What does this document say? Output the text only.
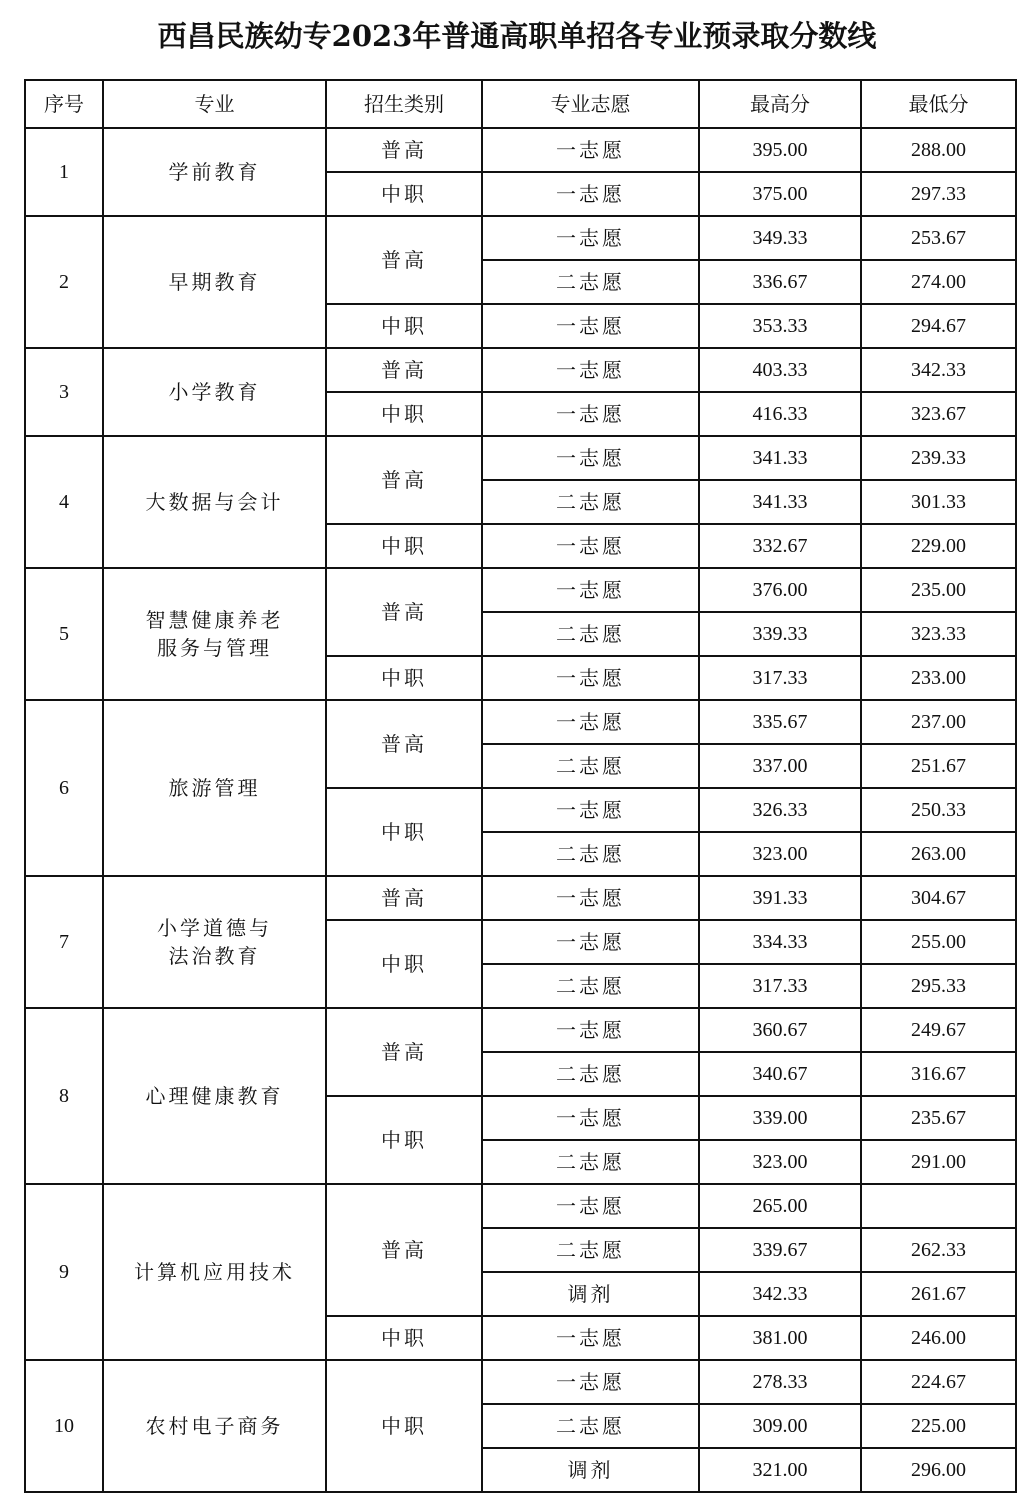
西昌民族幼专2023年普通高职单招各专业预录取分数线
序号	专业	招生类别	专业志愿	最高分	最低分
1	学前教育	普高	一志愿	395.00	288.00
		中职	一志愿	375.00	297.33
2	早期教育	普高	一志愿	349.33	253.67
			二志愿	336.67	274.00
		中职	一志愿	353.33	294.67
3	小学教育	普高	一志愿	403.33	342.33
		中职	一志愿	416.33	323.67
4	大数据与会计	普高	一志愿	341.33	239.33
			二志愿	341.33	301.33
		中职	一志愿	332.67	229.00
5	智慧健康养老
服务与管理	普高	一志愿	376.00	235.00
			二志愿	339.33	323.33
		中职	一志愿	317.33	233.00
6	旅游管理	普高	一志愿	335.67	237.00
			二志愿	337.00	251.67
		中职	一志愿	326.33	250.33
			二志愿	323.00	263.00
7	小学道德与
法治教育	普高	一志愿	391.33	304.67
		中职	一志愿	334.33	255.00
			二志愿	317.33	295.33
8	心理健康教育	普高	一志愿	360.67	249.67
			二志愿	340.67	316.67
		中职	一志愿	339.00	235.67
			二志愿	323.00	291.00
9	计算机应用技术	普高	一志愿	265.00	
			二志愿	339.67	262.33
			调剂	342.33	261.67
		中职	一志愿	381.00	246.00
10	农村电子商务	中职	一志愿	278.33	224.67
			二志愿	309.00	225.00
			调剂	321.00	296.00
